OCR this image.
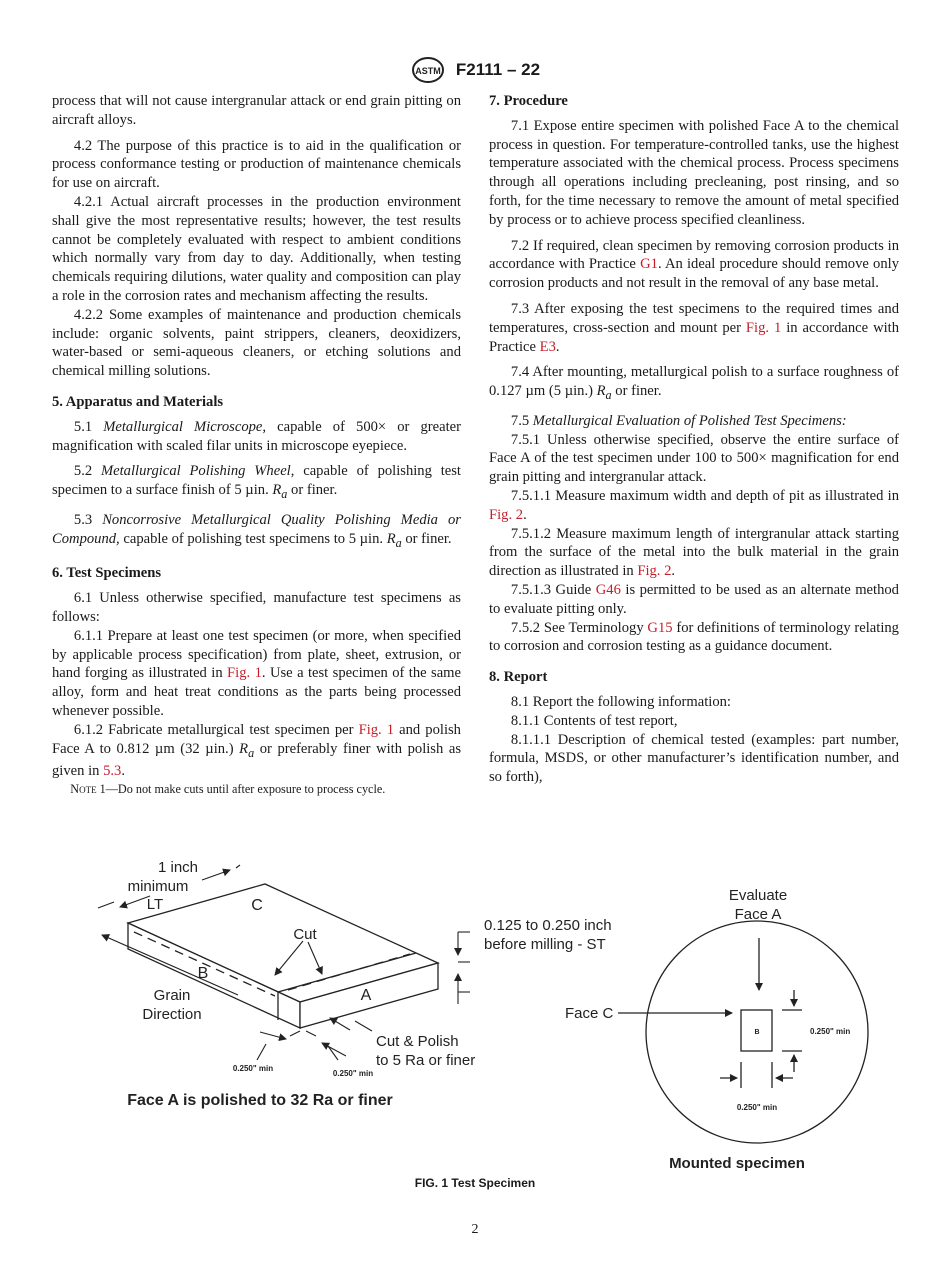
ASTM F2111 – 22

process that will not cause intergranular attack or end grain pitting on aircraft alloys.

4.2 The purpose of this practice is to aid in the qualification or process conformance testing or production of maintenance chemicals for use on aircraft.

4.2.1 Actual aircraft processes in the production environment shall give the most representative results; however, the test results cannot be completely evaluated with respect to ambient conditions which normally vary from day to day. Additionally, when testing chemicals requiring dilutions, water quality and composition can play a role in the corrosion rates and mechanism affecting the results.

4.2.2 Some examples of maintenance and production chemicals include: organic solvents, paint strippers, cleaners, deoxidizers, water-based or semi-aqueous cleaners, or etching solutions and chemical milling solutions.

5. Apparatus and Materials

5.1 Metallurgical Microscope, capable of 500× or greater magnification with scaled filar units in microscope eyepiece.

5.2 Metallurgical Polishing Wheel, capable of polishing test specimen to a surface finish of 5 µin. $R_a$ or finer.

5.3 Noncorrosive Metallurgical Quality Polishing Media or Compound, capable of polishing test specimens to 5 µin. $R_a$ or finer.

6. Test Specimens

6.1 Unless otherwise specified, manufacture test specimens as follows:

6.1.1 Prepare at least one test specimen (or more, when specified by applicable process specification) from plate, sheet, extrusion, or hand forging as illustrated in Fig. 1. Use a test specimen of the same alloy, form and heat treat conditions as the parts being processed whenever possible.

6.1.2 Fabricate metallurgical test specimen per Fig. 1 and polish Face A to 0.812 µm (32 µin.) $R_a$ or preferably finer with polish as given in 5.3.

Note 1—Do not make cuts until after exposure to process cycle.

7. Procedure

7.1 Expose entire specimen with polished Face A to the chemical process in question. For temperature-controlled tanks, use the highest temperature associated with the chemical process. Process specimens through all operations including precleaning, post rinsing, and so forth, for the time necessary to remove the amount of metal specified by process or to achieve process specified cleanliness.

7.2 If required, clean specimen by removing corrosion products in accordance with Practice G1. An ideal procedure should remove only corrosion products and not result in the removal of any base metal.

7.3 After exposing the test specimens to the required times and temperatures, cross-section and mount per Fig. 1 in accordance with Practice E3.

7.4 After mounting, metallurgical polish to a surface roughness of 0.127 µm (5 µin.) $R_a$ or finer.

7.5 Metallurgical Evaluation of Polished Test Specimens:

7.5.1 Unless otherwise specified, observe the entire surface of Face A of the test specimen under 100 to 500× magnification for end grain pitting and intergranular attack.

7.5.1.1 Measure maximum width and depth of pit as illustrated in Fig. 2.

7.5.1.2 Measure maximum length of intergranular attack starting from the surface of the metal into the bulk material in the grain direction as illustrated in Fig. 2.

7.5.1.3 Guide G46 is permitted to be used as an alternate method to evaluate pitting only.

7.5.2 See Terminology G15 for definitions of terminology relating to corrosion and corrosion testing as a guidance document.

8. Report

8.1 Report the following information:

8.1.1 Contents of test report,

8.1.1.1 Description of chemical tested (examples: part number, formula, MSDS, or other manufacturer’s identification number, and so forth),

1 inch
minimum
LT	C
Cut
B
A
Grain
Direction
0.125 to 0.250 inch
before milling - ST
Cut & Polish
to 5 Ra or finer
0.250" min
0.250" min
Face A is polished to 32 Ra or finer
Evaluate
Face A
Face C
B	0.250" min
0.250" min
Mounted specimen
FIG. 1 Test Specimen
2
